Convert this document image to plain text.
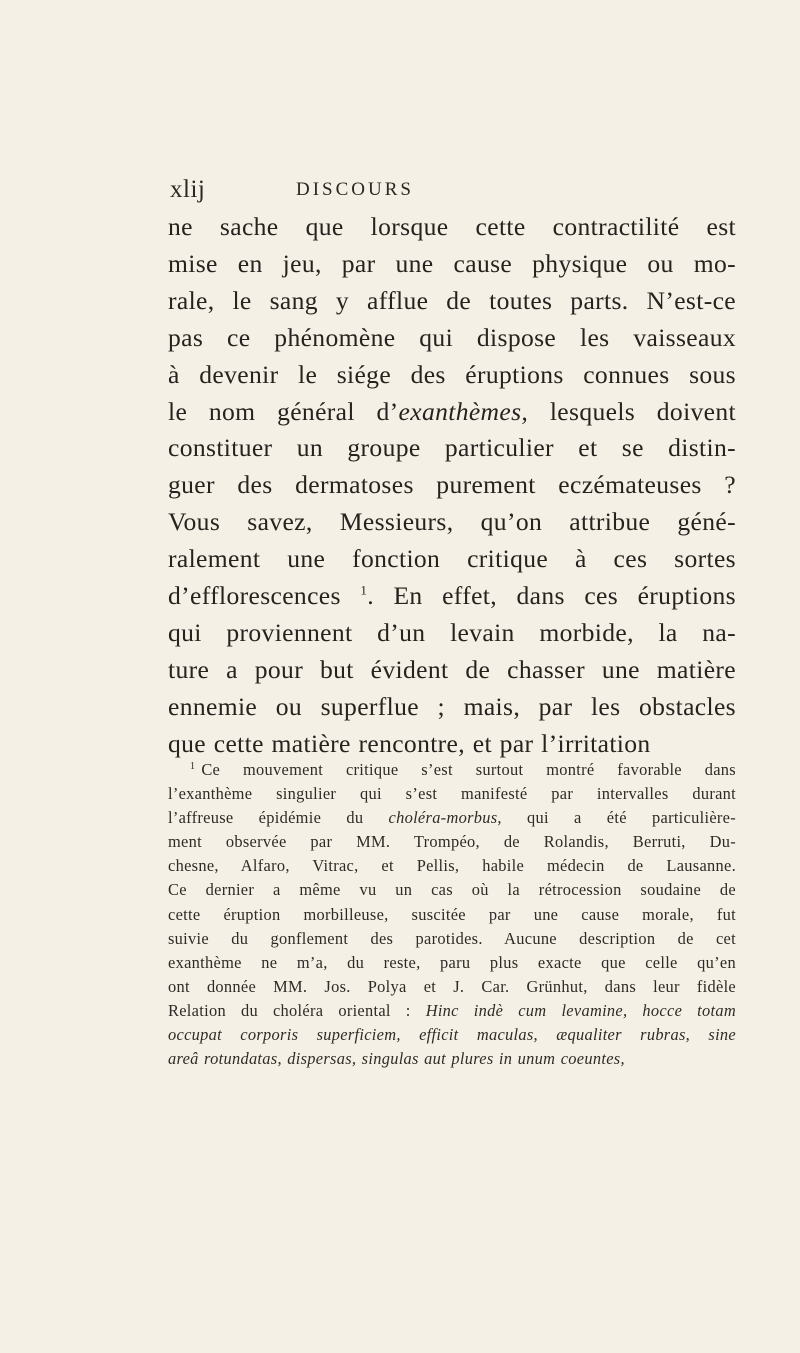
xlij	DISCOURS
ne sache que lorsque cette contractilité est
mise en jeu, par une cause physique ou mo-
rale, le sang y afflue de toutes parts. N’est-ce
pas ce phénomène qui dispose les vaisseaux
à devenir le siége des éruptions connues sous
le nom général d’exanthèmes, lesquels doivent
constituer un groupe particulier et se distin-
guer des dermatoses purement eczémateuses ?
Vous savez, Messieurs, qu’on attribue géné-
ralement une fonction critique à ces sortes
d’efflorescences $^1$. En effet, dans ces éruptions
qui proviennent d’un levain morbide, la na-
ture a pour but évident de chasser une matière
ennemie ou superflue ; mais, par les obstacles
que cette matière rencontre, et par l’irritation
$^1$ Ce mouvement critique s’est surtout montré favorable dans
l’exanthème singulier qui s’est manifesté par intervalles durant
l’affreuse épidémie du choléra-morbus, qui a été particulière-
ment observée par MM. Trompéo, de Rolandis, Berruti, Du-
chesne, Alfaro, Vitrac, et Pellis, habile médecin de Lausanne.
Ce dernier a même vu un cas où la rétrocession soudaine de
cette éruption morbilleuse, suscitée par une cause morale, fut
suivie du gonflement des parotides. Aucune description de cet
exanthème ne m’a, du reste, paru plus exacte que celle qu’en
ont donnée MM. Jos. Polya et J. Car. Grünhut, dans leur fidèle
Relation du choléra oriental : Hinc indè cum levamine, hocce totam
occupat corporis superficiem, efficit maculas, æqualiter rubras, sine
areâ rotundatas, dispersas, singulas aut plures in unum coeuntes,
